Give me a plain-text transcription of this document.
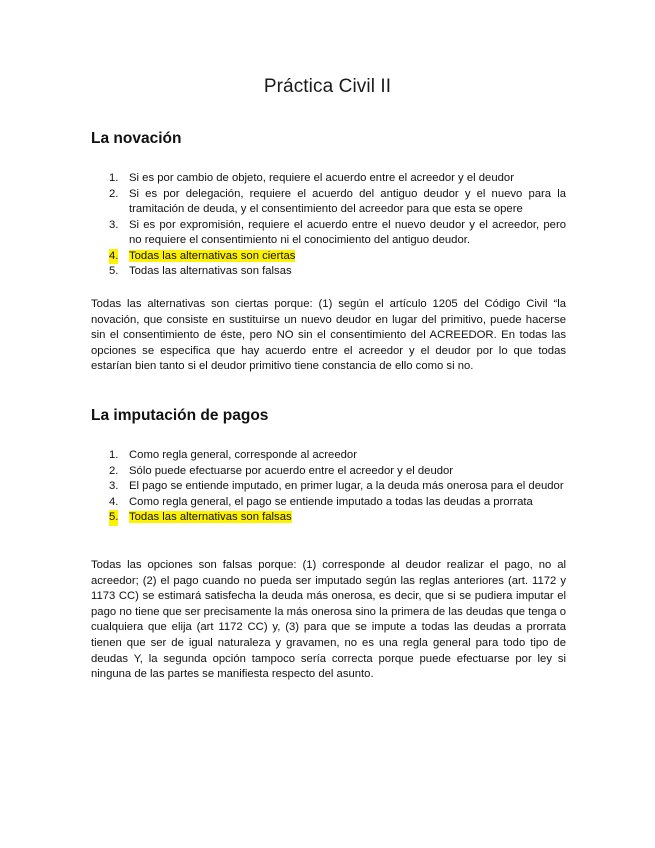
Práctica Civil II
La novación
1. Si es por cambio de objeto, requiere el acuerdo entre el acreedor y el deudor
2. Si es por delegación, requiere el acuerdo del antiguo deudor y el nuevo para la tramitación de deuda, y el consentimiento del acreedor para que esta se opere
3. Si es por expromisión, requiere el acuerdo entre el nuevo deudor y el acreedor, pero no requiere el consentimiento ni el conocimiento del antiguo deudor.
4. Todas las alternativas son ciertas
5. Todas las alternativas son falsas

Todas las alternativas son ciertas porque: (1) según el artículo 1205 del Código Civil “la novación, que consiste en sustituirse un nuevo deudor en lugar del primitivo, puede hacerse sin el consentimiento de éste, pero NO sin el consentimiento del ACREEDOR. En todas las opciones se especifica que hay acuerdo entre el acreedor y el deudor por lo que todas estarían bien tanto si el deudor primitivo tiene constancia de ello como si no.

La imputación de pagos
1. Como regla general, corresponde al acreedor
2. Sólo puede efectuarse por acuerdo entre el acreedor y el deudor
3. El pago se entiende imputado, en primer lugar, a la deuda más onerosa para el deudor
4. Como regla general, el pago se entiende imputado a todas las deudas a prorrata
5. Todas las alternativas son falsas

Todas las opciones son falsas porque: (1) corresponde al deudor realizar el pago, no al acreedor; (2) el pago cuando no pueda ser imputado según las reglas anteriores (art. 1172 y 1173 CC) se estimará satisfecha la deuda más onerosa, es decir, que si se pudiera imputar el pago no tiene que ser precisamente la más onerosa sino la primera de las deudas que tenga o cualquiera que elija (art 1172 CC) y, (3) para que se impute a todas las deudas a prorrata tienen que ser de igual naturaleza y gravamen, no es una regla general para todo tipo de deudas Y, la segunda opción tampoco sería correcta porque puede efectuarse por ley si ninguna de las partes se manifiesta respecto del asunto.
